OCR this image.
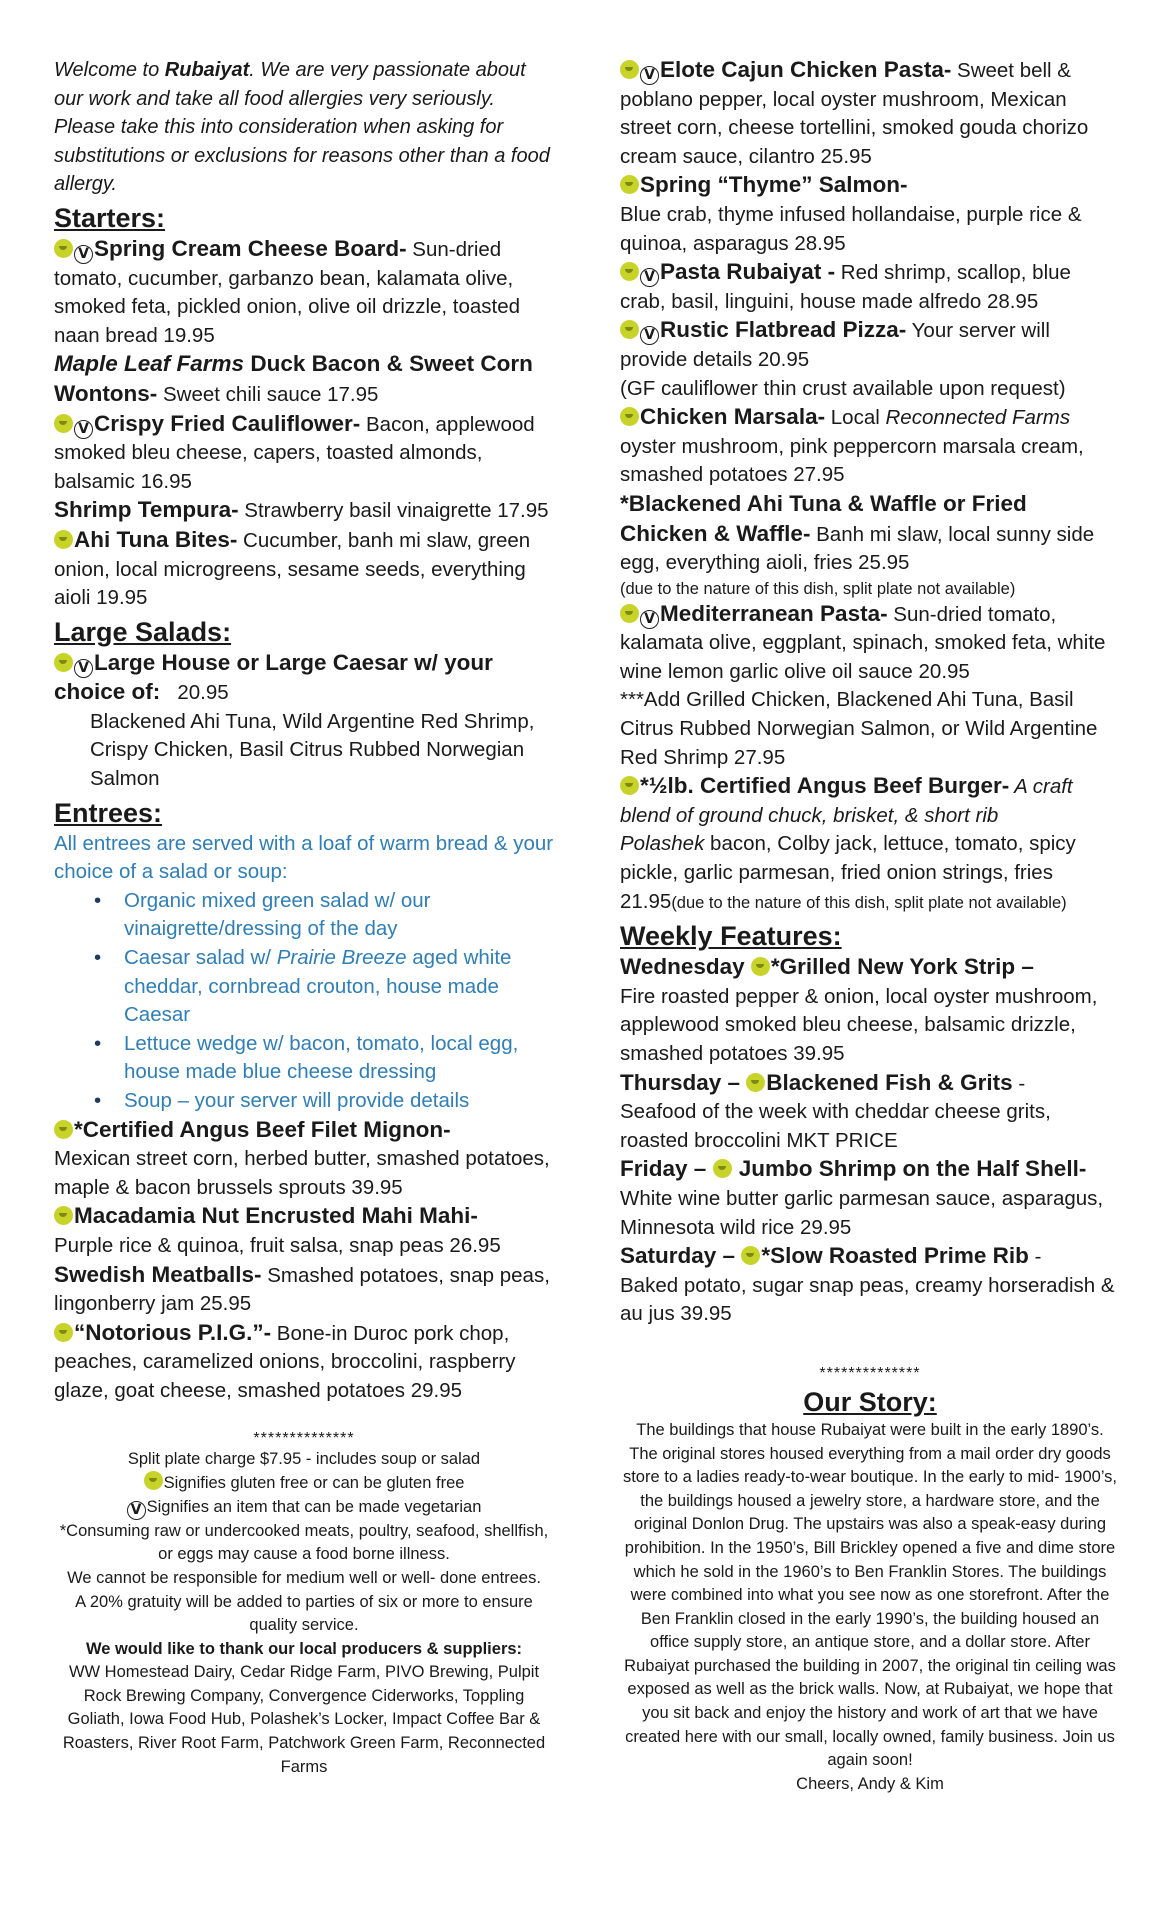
Welcome to Rubaiyat. We are very passionate about our work and take all food allergies very seriously. Please take this into consideration when asking for substitutions or exclusions for reasons other than a food allergy.

Starters:

V Spring Cream Cheese Board- Sun-dried tomato, cucumber, garbanzo bean, kalamata olive, smoked feta, pickled onion, olive oil drizzle, toasted naan bread 19.95

Maple Leaf Farms Duck Bacon & Sweet Corn Wontons- Sweet chili sauce 17.95

V Crispy Fried Cauliflower- Bacon, applewood smoked bleu cheese, capers, toasted almonds, balsamic 16.95

Shrimp Tempura- Strawberry basil vinaigrette 17.95

Ahi Tuna Bites- Cucumber, banh mi slaw, green onion, local microgreens, sesame seeds, everything aioli 19.95

Large Salads:

V Large House or Large Caesar w/ your choice of:   20.95

Blackened Ahi Tuna, Wild Argentine Red Shrimp, Crispy Chicken, Basil Citrus Rubbed Norwegian Salmon

Entrees:

All entrees are served with a loaf of warm bread & your choice of a salad or soup:

• Organic mixed green salad w/ our vinaigrette/dressing of the day
• Caesar salad w/ Prairie Breeze aged white cheddar, cornbread crouton, house made Caesar
• Lettuce wedge w/ bacon, tomato, local egg, house made blue cheese dressing
• Soup – your server will provide details

*Certified Angus Beef Filet Mignon-
Mexican street corn, herbed butter, smashed potatoes, maple & bacon brussels sprouts 39.95

Macadamia Nut Encrusted Mahi Mahi-
Purple rice & quinoa, fruit salsa, snap peas 26.95

Swedish Meatballs- Smashed potatoes, snap peas, lingonberry jam 25.95

“Notorious P.I.G.”- Bone-in Duroc pork chop, peaches, caramelized onions, broccolini, raspberry glaze, goat cheese, smashed potatoes 29.95

**************

Split plate charge $7.95 - includes soup or salad

Signifies gluten free or can be gluten free

V Signifies an item that can be made vegetarian

*Consuming raw or undercooked meats, poultry, seafood, shellfish, or eggs may cause a food borne illness.

We cannot be responsible for medium well or well- done entrees.

A 20% gratuity will be added to parties of six or more to ensure quality service.

We would like to thank our local producers & suppliers:

WW Homestead Dairy, Cedar Ridge Farm, PIVO Brewing, Pulpit Rock Brewing Company, Convergence Ciderworks, Toppling Goliath, Iowa Food Hub, Polashek’s Locker, Impact Coffee Bar & Roasters, River Root Farm, Patchwork Green Farm, Reconnected Farms

V Elote Cajun Chicken Pasta- Sweet bell & poblano pepper, local oyster mushroom, Mexican street corn, cheese tortellini, smoked gouda chorizo cream sauce, cilantro 25.95

Spring “Thyme” Salmon-
Blue crab, thyme infused hollandaise, purple rice & quinoa, asparagus 28.95

V Pasta Rubaiyat - Red shrimp, scallop, blue crab, basil, linguini, house made alfredo 28.95

V Rustic Flatbread Pizza- Your server will provide details 20.95
(GF cauliflower thin crust available upon request)

Chicken Marsala- Local Reconnected Farms oyster mushroom, pink peppercorn marsala cream, smashed potatoes 27.95

*Blackened Ahi Tuna & Waffle or Fried Chicken & Waffle- Banh mi slaw, local sunny side egg, everything aioli, fries 25.95

(due to the nature of this dish, split plate not available)

V Mediterranean Pasta- Sun-dried tomato, kalamata olive, eggplant, spinach, smoked feta, white wine lemon garlic olive oil sauce 20.95
***Add Grilled Chicken, Blackened Ahi Tuna, Basil Citrus Rubbed Norwegian Salmon, or Wild Argentine Red Shrimp 27.95

*½lb. Certified Angus Beef Burger- A craft blend of ground chuck, brisket, & short rib
Polashek bacon, Colby jack, lettuce, tomato, spicy pickle, garlic parmesan, fried onion strings, fries 21.95(due to the nature of this dish, split plate not available)

Weekly Features:

Wednesday *Grilled New York Strip –
Fire roasted pepper & onion, local oyster mushroom, applewood smoked bleu cheese, balsamic drizzle, smashed potatoes 39.95

Thursday – Blackened Fish & Grits -
Seafood of the week with cheddar cheese grits, roasted broccolini MKT PRICE

Friday –  Jumbo Shrimp on the Half Shell-
White wine butter garlic parmesan sauce, asparagus, Minnesota wild rice 29.95

Saturday – *Slow Roasted Prime Rib -
Baked potato, sugar snap peas, creamy horseradish & au jus 39.95

**************

Our Story:

The buildings that house Rubaiyat were built in the early 1890’s. The original stores housed everything from a mail order dry goods store to a ladies ready-to-wear boutique. In the early to mid- 1900’s, the buildings housed a jewelry store, a hardware store, and the original Donlon Drug. The upstairs was also a speak-easy during prohibition. In the 1950’s, Bill Brickley opened a five and dime store which he sold in the 1960’s to Ben Franklin Stores. The buildings were combined into what you see now as one storefront. After the Ben Franklin closed in the early 1990’s, the building housed an office supply store, an antique store, and a dollar store. After Rubaiyat purchased the building in 2007, the original tin ceiling was exposed as well as the brick walls. Now, at Rubaiyat, we hope that you sit back and enjoy the history and work of art that we have created here with our small, locally owned, family business. Join us again soon!

Cheers, Andy & Kim
